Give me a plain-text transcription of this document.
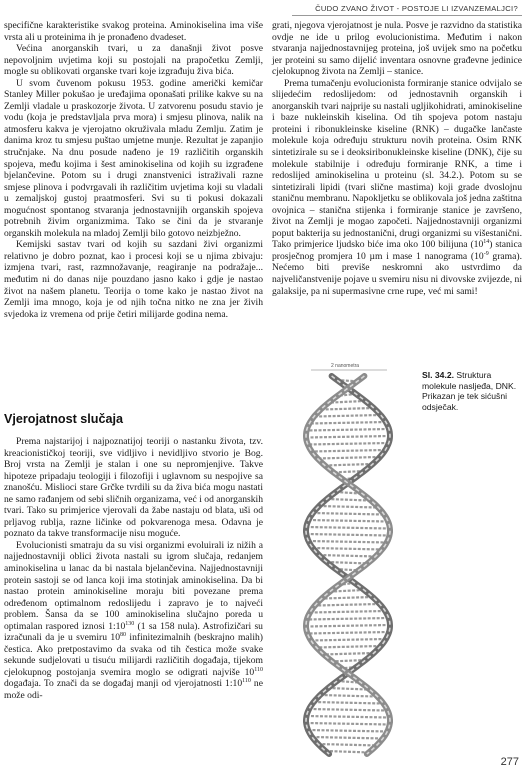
ČUDO ZVANO ŽIVOT - POSTOJE LI IZVANZEMALJCI?

specifične karakteristike svakog proteina. Aminokiselina ima više vrsta ali u proteinima ih je pronađeno dvadeset.

Većina anorganskih tvari, u za današnji život posve nepovoljnim uvjetima koji su postojali na prapočetku Zemlji, mogle su oblikovati organske tvari koje izgrađuju živa bića.

U svom čuvenom pokusu 1953. godine američki kemičar Stanley Miller pokušao je uređajima oponašati prilike kakve su na Zemlji vladale u praskozorje života. U zatvorenu posudu stavio je vodu (koja je predstavljala prva mora) i smjesu plinova, nalik na atmosferu kakva je vjerojatno okruživala mladu Zemlju. Zatim je danima kroz tu smjesu puštao umjetne munje. Rezultat je zapanjio stručnjake. Na dnu posude nađeno je 19 različitih organskih spojeva, među kojima i šest aminokiselina od kojih su izgrađene bjelančevine. Potom su i drugi znanstvenici istraživali razne smjese plinova i podvrgavali ih različitim uvjetima koji su vladali u zemaljskoj gustoj praatmosferi. Svi su ti pokusi dokazali mogućnost spontanog stvaranja jednostavnijih organskih spojeva potrebnih živim organizmima. Tako se čini da je stvaranje organskih molekula na mladoj Zemlji bilo gotovo neizbježno.

Kemijski sastav tvari od kojih su sazdani živi organizmi relativno je dobro poznat, kao i procesi koji se u njima zbivaju: izmjena tvari, rast, razmnožavanje, reagiranje na podražaje... međutim ni do danas nije pouzdano jasno kako i gdje je nastao život na našem planetu. Teorija o tome kako je nastao život na Zemlji ima mnogo, koja je od njih točna nitko ne zna jer živih svjedoka iz vremena od prije četiri milijarde godina nema.

Vjerojatnost slučaja

Prema najstarijoj i najpoznatijoj teoriji o nastanku života, tzv. kreacionističkoj teoriji, sve vidljivo i nevidljivo stvorio je Bog. Broj vrsta na Zemlji je stalan i one su nepromjenjive. Takve hipoteze pripadaju teologiji i filozofiji i uglavnom su nespojive sa znanošću. Mislioci stare Grčke tvrdili su da živa bića mogu nastati ne samo rađanjem od sebi sličnih organizama, već i od anorganskih tvari. Tako su primjerice vjerovali da žabe nastaju od blata, uši od prljavog rublja, razne ličinke od pokvarenoga mesa. Odavna je poznato da takve transformacije nisu moguće.

Evolucionisti smatraju da su visi organizmi evoluirali iz nižih a najjednostavniji oblici života nastali su igrom slučaja, redanjem aminokiselina u lanac da bi nastala bjelančevina. Najjednostavniji protein sastoji se od lanca koji ima stotinjak aminokiselina. Da bi nastao protein aminokiseline moraju biti povezane prema određenom optimalnom redoslijedu i zapravo je to najveći problem. Šansa da se 100 aminokiselina slučajno poreda u optimalan raspored iznosi $1:10^{130}$ (1 sa 158 nula). Astrofizičari su izračunali da je u svemiru $10^{80}$ infinitezimalnih (beskrajno malih) čestica. Ako pretpostavimo da svaka od tih čestica može svake sekunde sudjelovati u tisuću milijardi različitih događaja, tijekom cjelokupnog postojanja svemira moglo se odigrati najviše $10^{110}$ događaja. To znači da se događaj manji od vjerojatnosti $1:10^{110}$ ne može odi-

grati, njegova vjerojatnost je nula. Posve je razvidno da statistika ovdje ne ide u prilog evolucionistima. Međutim i nakon stvaranja najjednostavnijeg proteina, još uvijek smo na početku jer proteini su samo dijelić inventara osnovne građevne jedinice cjelokupnog života na Zemlji – stanice.

Prema tumačenju evolucionista formiranje stanice odvijalo se slijedećim redoslijedom: od jednostavnih organskih i anorganskih tvari najprije su nastali ugljikohidrati, aminokiseline i baze nukleinskih kiselina. Od tih spojeva potom nastaju proteini i ribonukleinske kiseline (RNK) – dugačke lančaste molekule koja određuju strukturu novih proteina. Osim RNK sintetizirale su se i deoksiribonukleinske kiseline (DNK), čije su molekule stabilnije i određuju formiranje RNK, a time i redoslijed aminokiselina u proteinu (sl. 34.2.). Potom su se sintetizirali lipidi (tvari slične mastima) koji grade dvoslojnu staničnu membranu. Napokljetku se oblikovala još jedna zaštitna ovojnica – stanična stijenka i formiranje stanice je završeno, život na Zemlji je mogao započeti. Najjednostavniji organizmi poput bakterija su jednostanični, drugi organizmi su višestanični. Tako primjerice ljudsko biće ima oko 100 bilijuna $(10^{14})$ stanica prosječnog promjera 10 µm i mase 1 nanograma ($10^{-9}$ grama). Nećemo biti previše neskromni ako ustvrdimo da najveličanstvenije pojave u svemiru nisu ni divovske zvijezde, ni galaksije, pa ni supermasivne crne rupe, već mi sami!

2 nanometra
Sl. 34.2. Struktura molekule nasljeđa, DNK. Prikazan je tek sićušni odsječak.
277
